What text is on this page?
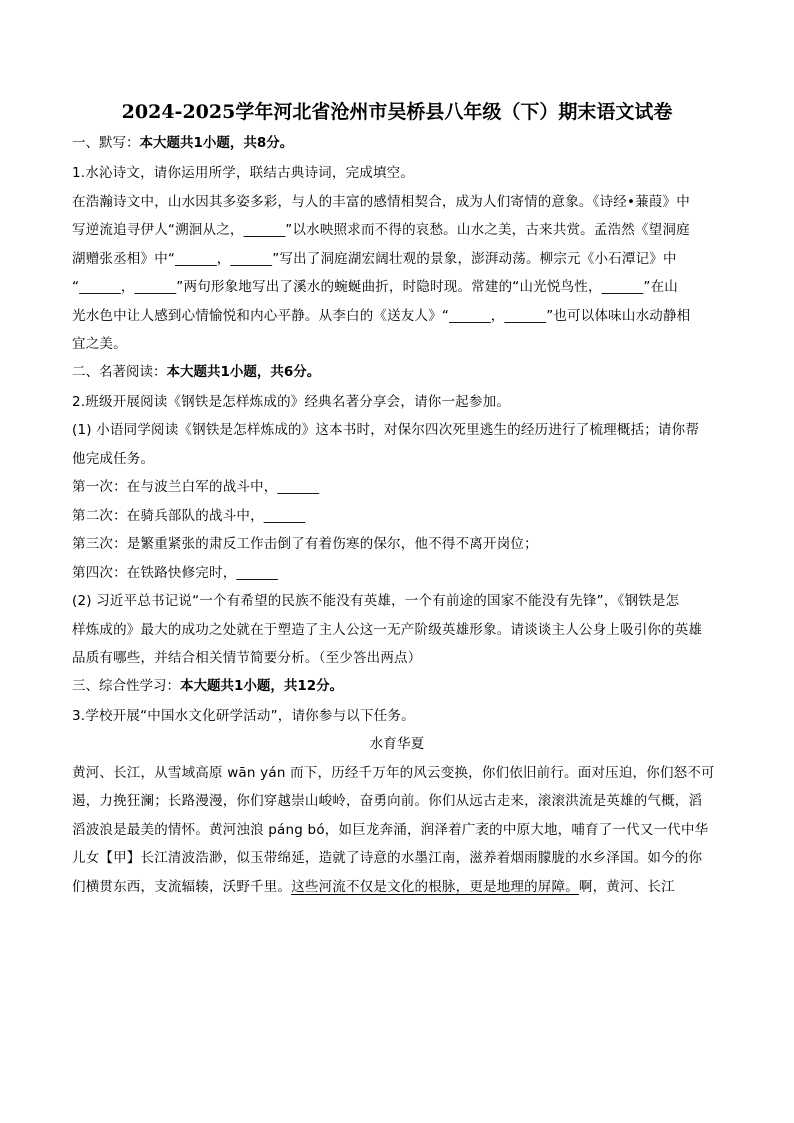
2024-2025学年河北省沧州市吴桥县八年级（下）期末语文试卷
一、默写：本大题共1小题，共8分。
1.水沁诗文，请你运用所学，联结古典诗词，完成填空。
在浩瀚诗文中，山水因其多姿多彩，与人的丰富的感情相契合，成为人们寄情的意象。《诗经•蒹葭》中
写逆流追寻伊人“溯洄从之，______”以水映照求而不得的哀愁。山水之美，古来共赏。孟浩然《望洞庭
湖赠张丞相》中“______，______”写出了洞庭湖宏阔壮观的景象，澎湃动荡。柳宗元《小石潭记》中
“______，______”两句形象地写出了溪水的蜿蜒曲折，时隐时现。常建的“山光悦鸟性，______”在山
光水色中让人感到心情愉悦和内心平静。从李白的《送友人》“______，______”也可以体味山水动静相
宜之美。
二、名著阅读：本大题共1小题，共6分。
2.班级开展阅读《钢铁是怎样炼成的》经典名著分享会，请你一起参加。
(1) 小语同学阅读《钢铁是怎样炼成的》这本书时，对保尔四次死里逃生的经历进行了梳理概括；请你帮
他完成任务。
第一次：在与波兰白军的战斗中，______
第二次：在骑兵部队的战斗中，______
第三次：是繁重紧张的肃反工作击倒了有着伤寒的保尔，他不得不离开岗位；
第四次：在铁路快修完时，______
(2) 习近平总书记说“一个有希望的民族不能没有英雄，一个有前途的国家不能没有先锋”，《钢铁是怎
样炼成的》最大的成功之处就在于塑造了主人公这一无产阶级英雄形象。请谈谈主人公身上吸引你的英雄
品质有哪些，并结合相关情节简要分析。（至少答出两点）
三、综合性学习：本大题共1小题，共12分。
3.学校开展“中国水文化研学活动”，请你参与以下任务。
水育华夏
黄河、长江，从雪域高原 wān yán 而下，历经千万年的风云变换，你们依旧前行。面对压迫，你们怒不可
遏，力挽狂澜；长路漫漫，你们穿越崇山峻岭，奋勇向前。你们从远古走来，滚滚洪流是英雄的气概，滔
滔波浪是最美的情怀。黄河浊浪 páng bó，如巨龙奔涌，润泽着广袤的中原大地，哺育了一代又一代中华
儿女【甲】长江清波浩渺，似玉带绵延，造就了诗意的水墨江南，滋养着烟雨朦胧的水乡泽国。如今的你
们横贯东西，支流辐辏，沃野千里。这些河流不仅是文化的根脉，更是地理的屏障。啊，黄河、长江
